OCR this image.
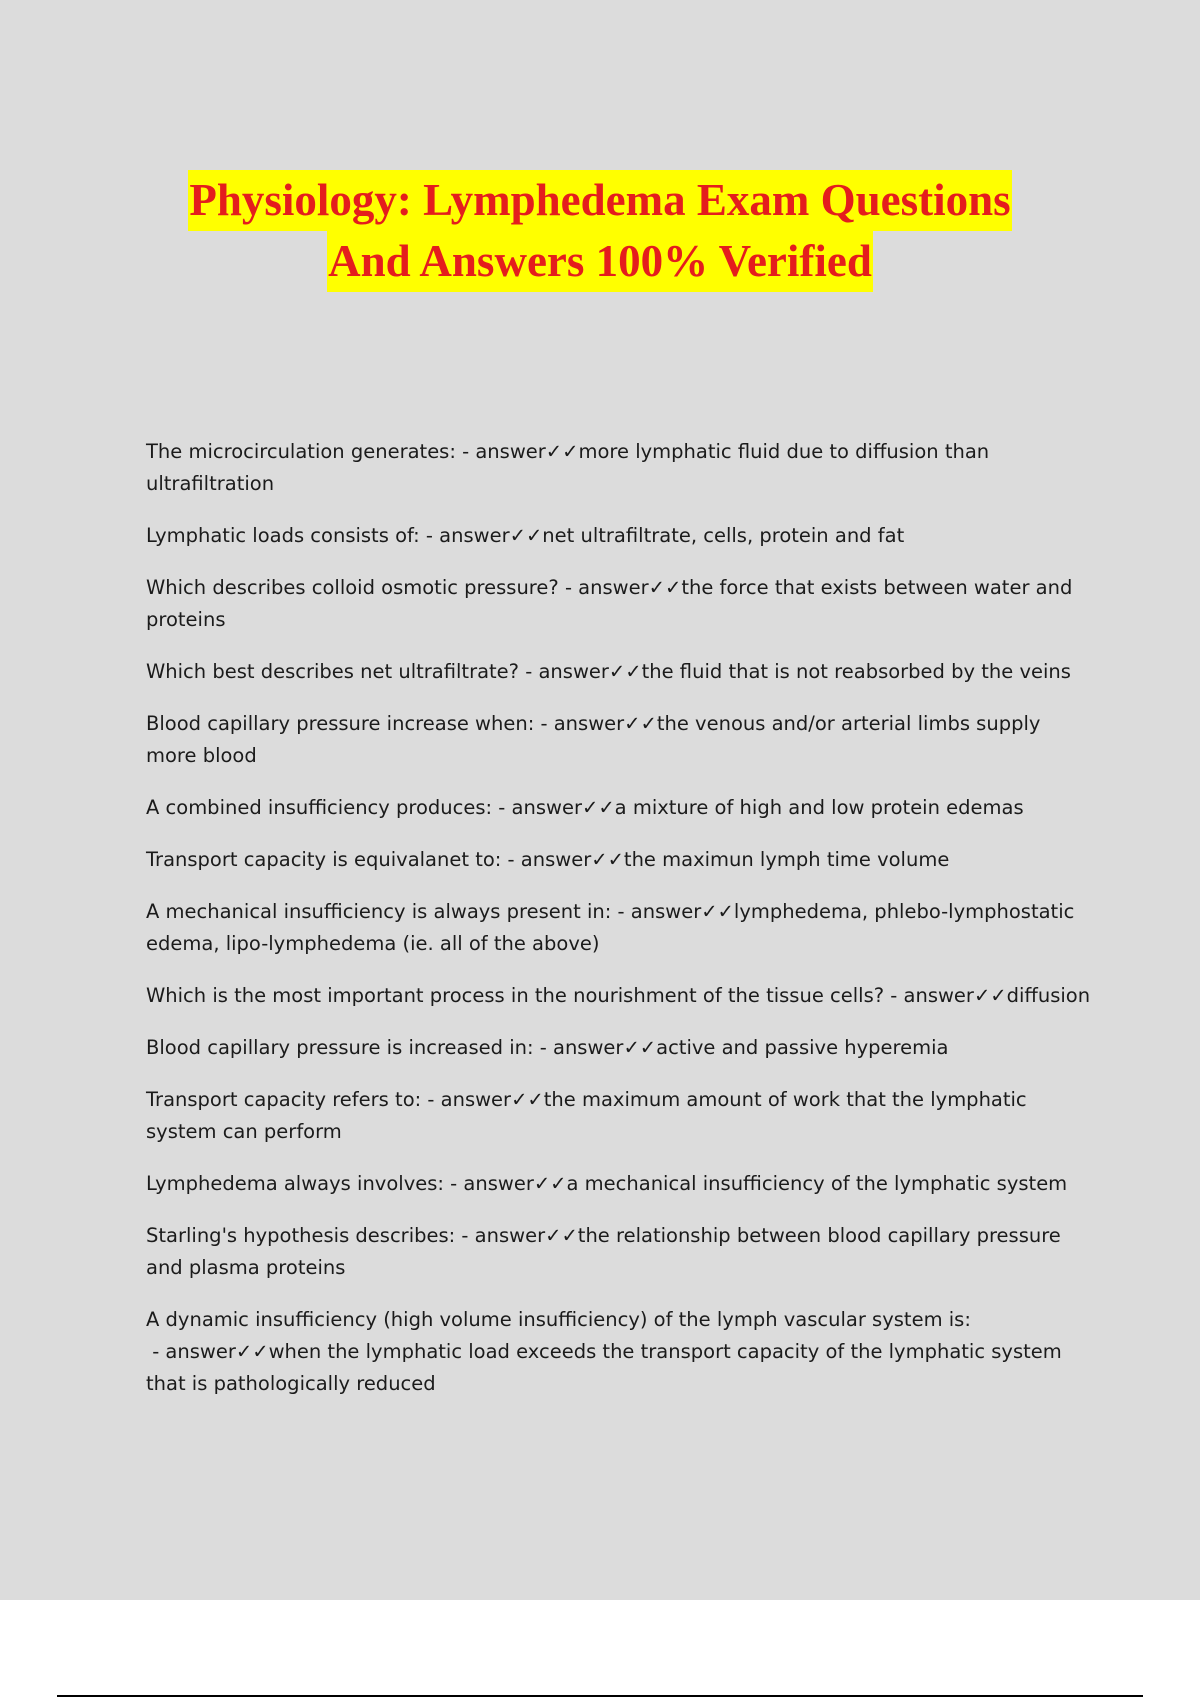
Physiology: Lymphedema Exam Questions
And Answers 100% Verified

The microcirculation generates: - answer✓✓more lymphatic fluid due to diffusion than ultrafiltration

Lymphatic loads consists of: - answer✓✓net ultrafiltrate, cells, protein and fat

Which describes colloid osmotic pressure? - answer✓✓the force that exists between water and proteins

Which best describes net ultrafiltrate? - answer✓✓the fluid that is not reabsorbed by the veins

Blood capillary pressure increase when: - answer✓✓the venous and/or arterial limbs supply more blood

A combined insufficiency produces: - answer✓✓a mixture of high and low protein edemas

Transport capacity is equivalanet to: - answer✓✓the maximun lymph time volume

A mechanical insufficiency is always present in: - answer✓✓lymphedema, phlebo-lymphostatic edema, lipo-lymphedema (ie. all of the above)

Which is the most important process in the nourishment of the tissue cells? - answer✓✓diffusion

Blood capillary pressure is increased in: - answer✓✓active and passive hyperemia

Transport capacity refers to: - answer✓✓the maximum amount of work that the lymphatic system can perform

Lymphedema always involves: - answer✓✓a mechanical insufficiency of the lymphatic system

Starling's hypothesis describes: - answer✓✓the relationship between blood capillary pressure and plasma proteins

A dynamic insufficiency (high volume insufficiency) of the lymph vascular system is: - answer✓✓when the lymphatic load exceeds the transport capacity of the lymphatic system that is pathologically reduced
